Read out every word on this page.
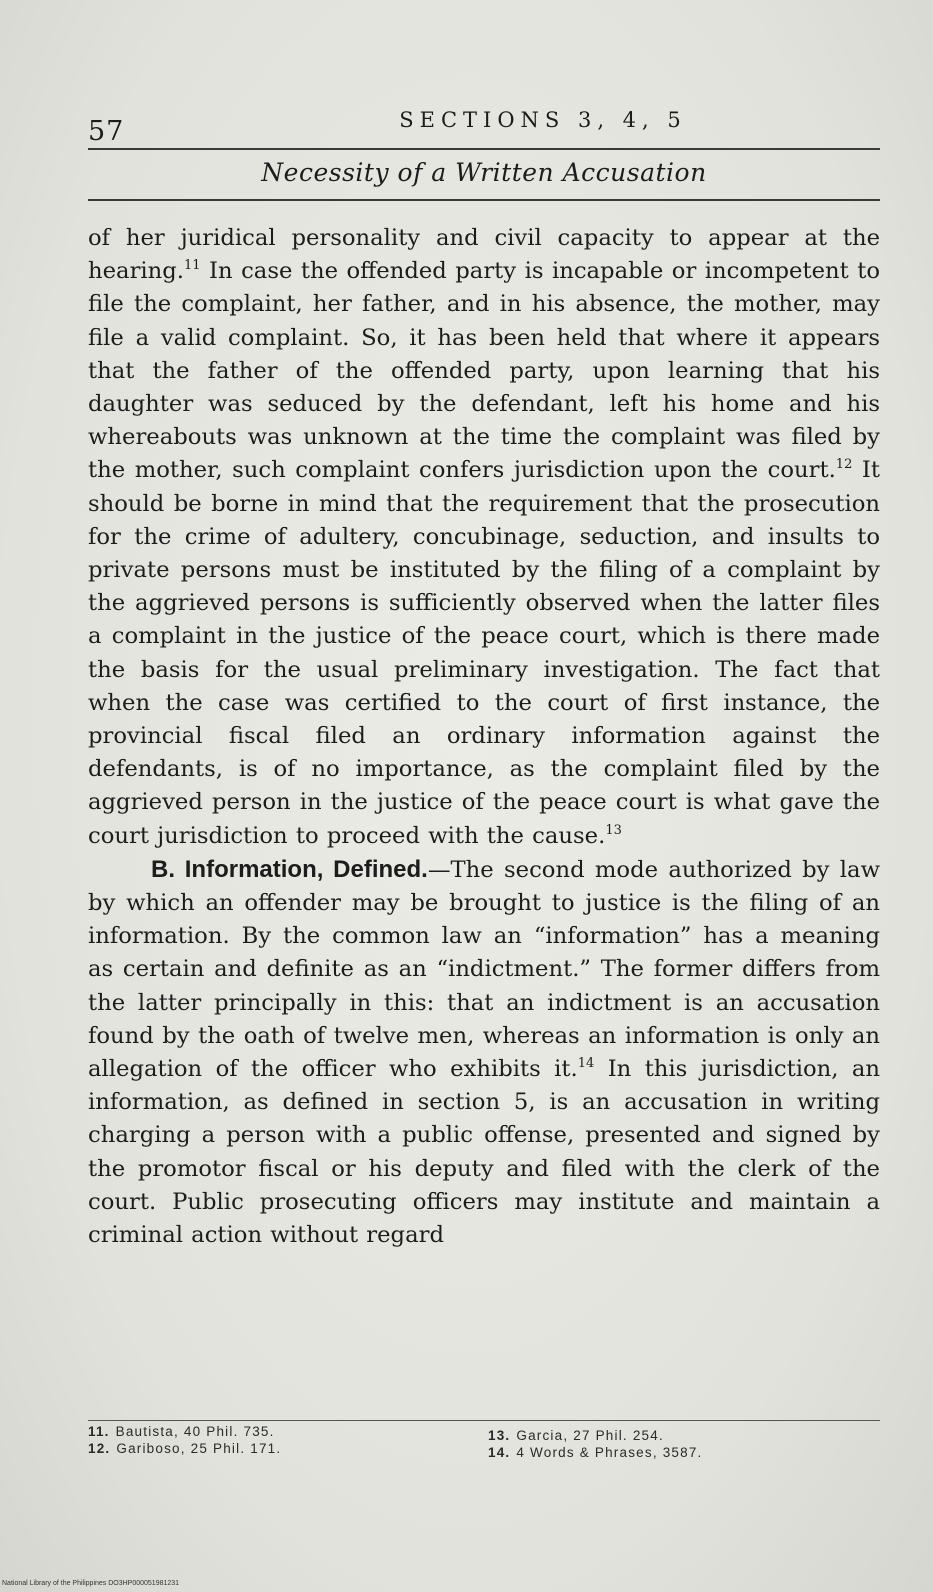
57	SECTIONS 3, 4, 5
Necessity of a Written Accusation

of her juridical personality and civil capacity to appear at the hearing.$^{11}$ In case the offended party is incapable or incompetent to file the complaint, her father, and in his absence, the mother, may file a valid complaint. So, it has been held that where it appears that the father of the offended party, upon learning that his daughter was seduced by the defendant, left his home and his whereabouts was unknown at the time the complaint was filed by the mother, such complaint confers jurisdiction upon the court.$^{12}$ It should be borne in mind that the requirement that the prosecution for the crime of adultery, concubinage, seduction, and insults to private persons must be instituted by the filing of a complaint by the aggrieved persons is sufficiently observed when the latter files a complaint in the justice of the peace court, which is there made the basis for the usual preliminary investigation. The fact that when the case was certified to the court of first instance, the provincial fiscal filed an ordinary information against the defendants, is of no importance, as the complaint filed by the aggrieved person in the justice of the peace court is what gave the court jurisdiction to proceed with the cause.$^{13}$

B. Information, Defined.—The second mode authorized by law by which an offender may be brought to justice is the filing of an information. By the common law an “information” has a meaning as certain and definite as an “indictment.” The former differs from the latter principally in this: that an indictment is an accusation found by the oath of twelve men, whereas an information is only an allegation of the officer who exhibits it.$^{14}$ In this jurisdiction, an information, as defined in section 5, is an accusation in writing charging a person with a public offense, presented and signed by the promotor fiscal or his deputy and filed with the clerk of the court. Public prosecuting officers may institute and maintain a criminal action without regard

11. Bautista, 40 Phil. 735.
12. Gariboso, 25 Phil. 171.
13. Garcia, 27 Phil. 254.
14. 4 Words & Phrases, 3587.
National Library of the Philippines DO3HP000051981231
